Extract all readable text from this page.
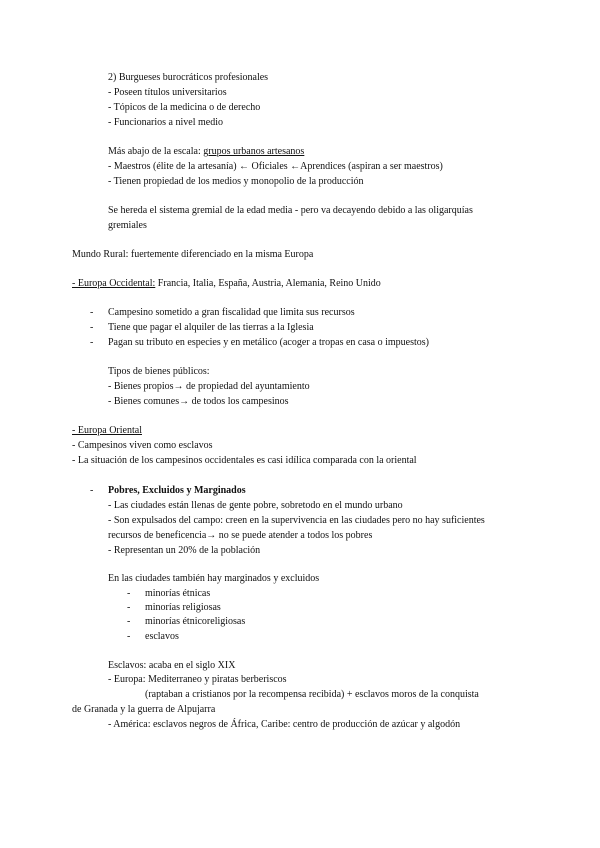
2) Burgueses burocráticos profesionales
- Poseen títulos universitarios
- Tópicos de la medicina o de derecho
- Funcionarios a nivel medio
Más abajo de la escala: grupos urbanos artesanos
- Maestros (élite de la artesanía) ← Oficiales ←Aprendices (aspiran a ser maestros)
- Tienen propiedad de los medios y monopolio de la producción
Se hereda el sistema gremial de la edad media - pero va decayendo debido a las oligarquías
gremiales
Mundo Rural: fuertemente diferenciado en la misma Europa
- Europa Occidental: Francia, Italia, España, Austria, Alemania, Reino Unido
- Campesino sometido a gran fiscalidad que limita sus recursos
- Tiene que pagar el alquiler de las tierras a la Iglesia
- Pagan su tributo en especies y en metálico (acoger a tropas en casa o impuestos)
Tipos de bienes públicos:
- Bienes propios→ de propiedad del ayuntamiento
- Bienes comunes→ de todos los campesinos
- Europa Oriental
- Campesinos viven como esclavos
- La situación de los campesinos occidentales es casi idílica comparada con la oriental
- Pobres, Excluidos y Marginados
- Las ciudades están llenas de gente pobre, sobretodo en el mundo urbano
- Son expulsados del campo: creen en la supervivencia en las ciudades pero no hay suficientes
recursos de beneficencia→ no se puede atender a todos los pobres
- Representan un 20% de la población
En las ciudades también hay marginados y excluidos
- minorías étnicas
- minorías religiosas
- minorías étnicoreligiosas
- esclavos
Esclavos: acaba en el siglo XIX
- Europa: Mediterraneo y piratas berberiscos
(raptaban a cristianos por la recompensa recibida) + esclavos moros de la conquista
de Granada y la guerra de Alpujarra
- América: esclavos negros de África, Caribe: centro de producción de azúcar y algodón
